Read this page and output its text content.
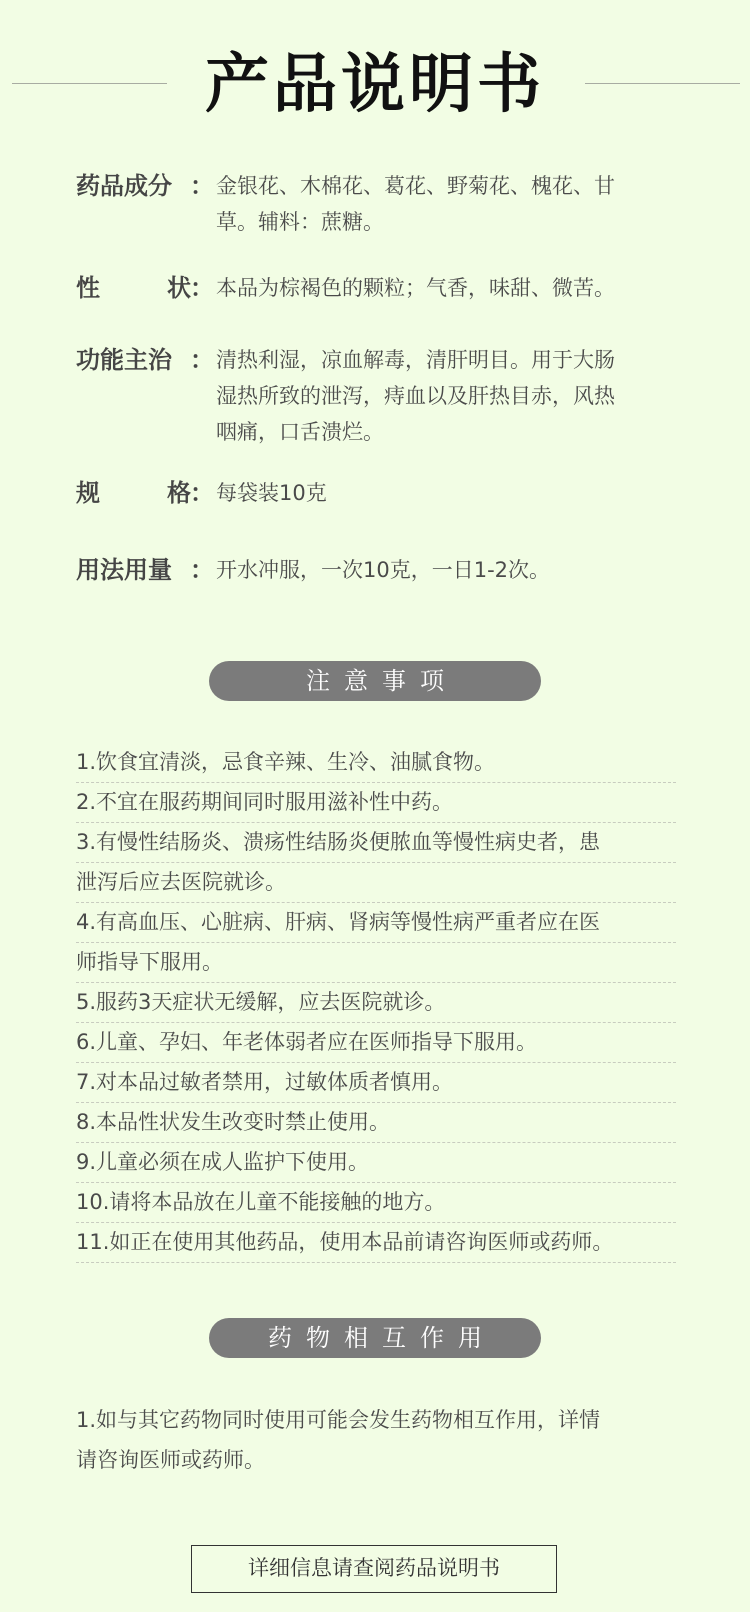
产品说明书
药品成分 ： 金银花、木棉花、葛花、野菊花、槐花、甘
草。辅料：蔗糖。
性	状 ： 本品为棕褐色的颗粒；气香，味甜、微苦。
功能主治 ： 清热利湿，凉血解毒，清肝明目。用于大肠
湿热所致的泄泻，痔血以及肝热目赤，风热
咽痛，口舌溃烂。
规	格 ： 每袋装10克
用法用量 ： 开水冲服，一次10克，一日1-2次。
注意事项
1.饮食宜清淡，忌食辛辣、生冷、油腻食物。
2.不宜在服药期间同时服用滋补性中药。
3.有慢性结肠炎、溃疡性结肠炎便脓血等慢性病史者，患
泄泻后应去医院就诊。
4.有高血压、心脏病、肝病、肾病等慢性病严重者应在医
师指导下服用。
5.服药3天症状无缓解，应去医院就诊。
6.儿童、孕妇、年老体弱者应在医师指导下服用。
7.对本品过敏者禁用，过敏体质者慎用。
8.本品性状发生改变时禁止使用。
9.儿童必须在成人监护下使用。
10.请将本品放在儿童不能接触的地方。
11.如正在使用其他药品，使用本品前请咨询医师或药师。
药物相互作用
1.如与其它药物同时使用可能会发生药物相互作用，详情
请咨询医师或药师。
详细信息请查阅药品说明书
